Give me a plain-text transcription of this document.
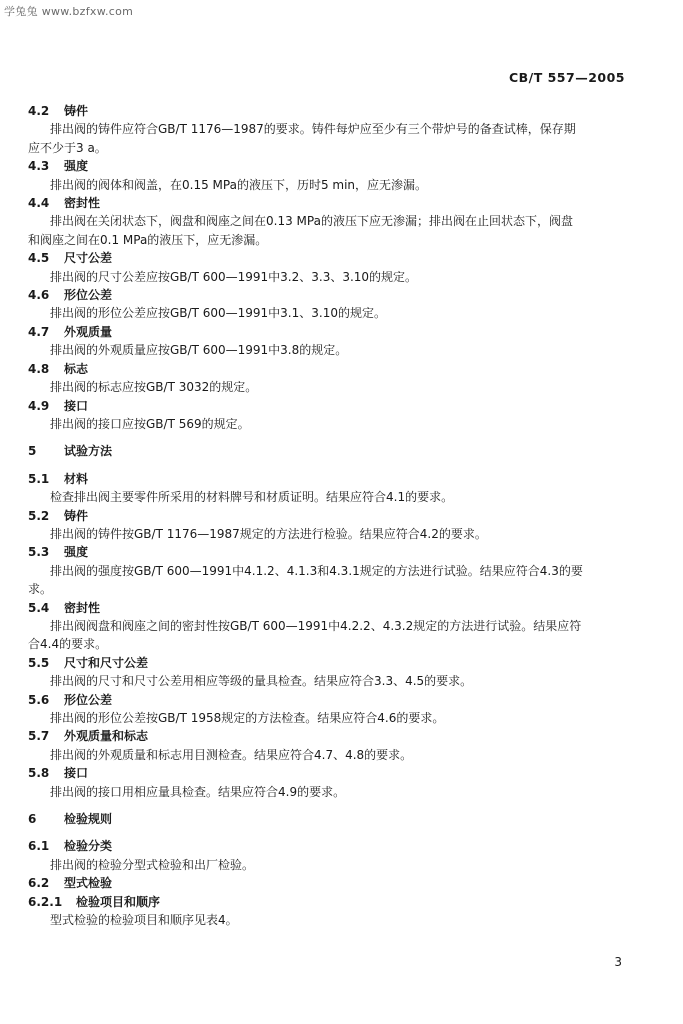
学兔兔 www.bzfxw.com
CB/T 557—2005
4.2 铸件
排出阀的铸件应符合GB/T 1176—1987的要求。铸件每炉应至少有三个带炉号的备查试棒，保存期
应不少于3 a。
4.3 强度
排出阀的阀体和阀盖，在0.15 MPa的液压下，历时5 min，应无渗漏。
4.4 密封性
排出阀在关闭状态下，阀盘和阀座之间在0.13 MPa的液压下应无渗漏；排出阀在止回状态下，阀盘
和阀座之间在0.1 MPa的液压下，应无渗漏。
4.5 尺寸公差
排出阀的尺寸公差应按GB/T 600—1991中3.2、3.3、3.10的规定。
4.6 形位公差
排出阀的形位公差应按GB/T 600—1991中3.1、3.10的规定。
4.7 外观质量
排出阀的外观质量应按GB/T 600—1991中3.8的规定。
4.8 标志
排出阀的标志应按GB/T 3032的规定。
4.9 接口
排出阀的接口应按GB/T 569的规定。
5 试验方法
5.1 材料
检查排出阀主要零件所采用的材料牌号和材质证明。结果应符合4.1的要求。
5.2 铸件
排出阀的铸件按GB/T 1176—1987规定的方法进行检验。结果应符合4.2的要求。
5.3 强度
排出阀的强度按GB/T 600—1991中4.1.2、4.1.3和4.3.1规定的方法进行试验。结果应符合4.3的要
求。
5.4 密封性
排出阀阀盘和阀座之间的密封性按GB/T 600—1991中4.2.2、4.3.2规定的方法进行试验。结果应符
合4.4的要求。
5.5 尺寸和尺寸公差
排出阀的尺寸和尺寸公差用相应等级的量具检查。结果应符合3.3、4.5的要求。
5.6 形位公差
排出阀的形位公差按GB/T 1958规定的方法检查。结果应符合4.6的要求。
5.7 外观质量和标志
排出阀的外观质量和标志用目测检查。结果应符合4.7、4.8的要求。
5.8 接口
排出阀的接口用相应量具检查。结果应符合4.9的要求。
6 检验规则
6.1 检验分类
排出阀的检验分型式检验和出厂检验。
6.2 型式检验
6.2.1 检验项目和顺序
型式检验的检验项目和顺序见表4。
3
